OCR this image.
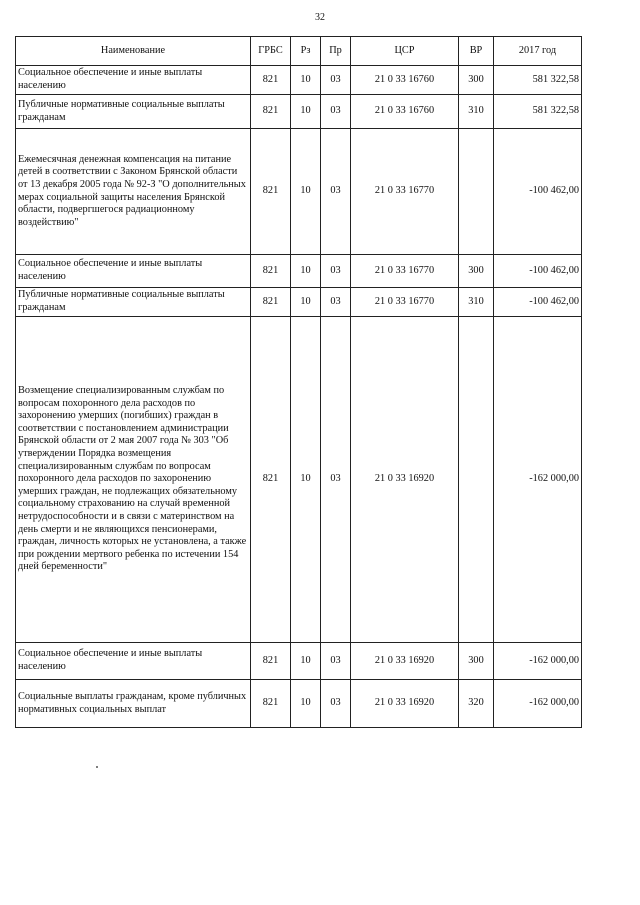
32
Наименование	ГРБС	Рз	Пр	ЦСР	ВР	2017 год
Социальное обеспечение и иные выплаты населению	821	10	03	21 0 33 16760	300	581 322,58
Публичные нормативные социальные выплаты гражданам	821	10	03	21 0 33 16760	310	581 322,58
Ежемесячная денежная компенсация на питание детей в соответствии с Законом Брянской области от 13 декабря 2005 года № 92-З "О дополнительных мерах социальной защиты населения Брянской области, подвергшегося радиационному воздействию"	821	10	03	21 0 33 16770		-100 462,00
Социальное обеспечение и иные выплаты населению	821	10	03	21 0 33 16770	300	-100 462,00
Публичные нормативные социальные выплаты гражданам	821	10	03	21 0 33 16770	310	-100 462,00
Возмещение специализированным службам по вопросам похоронного дела расходов по захоронению умерших (погибших) граждан в соответствии с постановлением администрации Брянской области от 2 мая 2007 года № 303 "Об утверждении Порядка возмещения специализированным службам по вопросам похоронного дела расходов по захоронению умерших граждан, не подлежащих обязательному социальному страхованию на случай временной нетрудоспособности и в связи с материнством на день смерти и не являющихся пенсионерами, граждан, личность которых не установлена, а также при рождении мертвого ребенка по истечении 154 дней беременности"	821	10	03	21 0 33 16920		-162 000,00
Социальное обеспечение и иные выплаты населению	821	10	03	21 0 33 16920	300	-162 000,00
Социальные выплаты гражданам, кроме публичных нормативных социальных выплат	821	10	03	21 0 33 16920	320	-162 000,00
